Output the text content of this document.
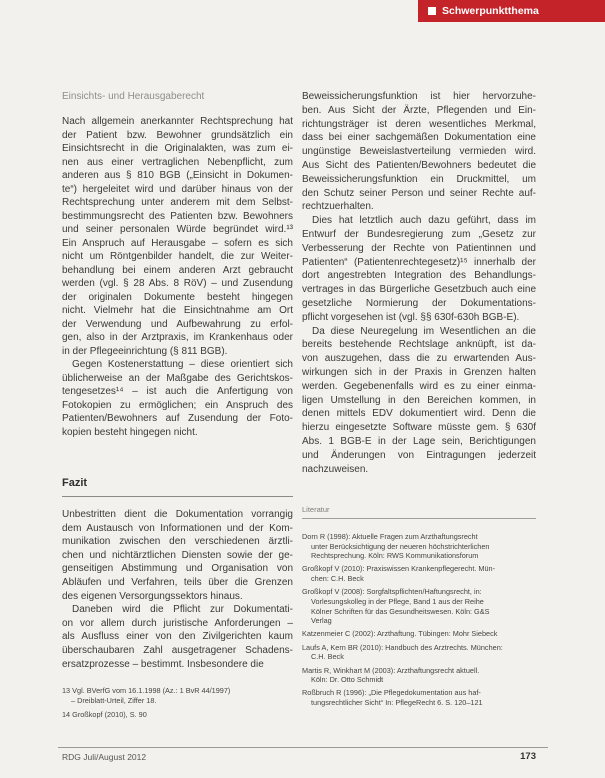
Schwerpunktthema
Einsichts- und Herausgaberecht
Nach allgemein anerkannter Rechtsprechung hat
der Patient bzw. Bewohner grundsätzlich ein
Einsichtsrecht in die Originalakten, was zum ei-
nen aus einer vertraglichen Nebenpflicht, zum
anderen aus § 810 BGB („Einsicht in Dokumen-
te“) hergeleitet wird und darüber hinaus von der
Rechtsprechung unter anderem mit dem Selbst-
bestimmungsrecht des Patienten bzw. Bewohners
und seiner personalen Würde begründet wird.¹³
Ein Anspruch auf Herausgabe – sofern es sich
nicht um Röntgenbilder handelt, die zur Weiter-
behandlung bei einem anderen Arzt gebraucht
werden (vgl. § 28 Abs. 8 RöV) – und Zusendung
der originalen Dokumente besteht hingegen
nicht. Vielmehr hat die Einsichtnahme am Ort
der Verwendung und Aufbewahrung zu erfol-
gen, also in der Arztpraxis, im Krankenhaus oder
in der Pflegeeinrichtung (§ 811 BGB).
Gegen Kostenerstattung – diese orientiert sich
üblicherweise an der Maßgabe des Gerichtskos-
tengesetzes¹⁴ – ist auch die Anfertigung von
Fotokopien zu ermöglichen; ein Anspruch des
Patienten/Bewohners auf Zusendung der Foto-
kopien besteht hingegen nicht.
Fazit
Unbestritten dient die Dokumentation vorrangig
dem Austausch von Informationen und der Kom-
munikation zwischen den verschiedenen ärztli-
chen und nichtärztlichen Diensten sowie der ge-
genseitigen Abstimmung und Organisation von
Abläufen und Verfahren, teils über die Grenzen
des eigenen Versorgungssektors hinaus.
Daneben wird die Pflicht zur Dokumentati-
on vor allem durch juristische Anforderungen –
als Ausfluss einer von den Zivilgerichten kaum
überschaubaren Zahl ausgetragener Schadens-
ersatzprozesse – bestimmt. Insbesondere die
13 Vgl. BVerfG vom 16.1.1998 (Az.: 1 BvR 44/1997)
– Dreiblatt-Urteil, Ziffer 18.
14 Großkopf (2010), S. 90
Beweissicherungsfunktion ist hier hervorzuhe-
ben. Aus Sicht der Ärzte, Pflegenden und Ein-
richtungsträger ist deren wesentliches Merkmal,
dass bei einer sachgemäßen Dokumentation eine
ungünstige Beweislastverteilung vermieden wird.
Aus Sicht des Patienten/Bewohners bedeutet die
Beweissicherungsfunktion ein Druckmittel, um
den Schutz seiner Person und seiner Rechte auf-
rechtzuerhalten.
Dies hat letztlich auch dazu geführt, dass im
Entwurf der Bundesregierung zum „Gesetz zur
Verbesserung der Rechte von Patientinnen und
Patienten“ (Patientenrechtegesetz)¹⁵ innerhalb der
dort angestrebten Integration des Behandlungs-
vertrages in das Bürgerliche Gesetzbuch auch eine
gesetzliche Normierung der Dokumentations-
pflicht vorgesehen ist (vgl. §§ 630f-630h BGB-E).
Da diese Neuregelung im Wesentlichen an die
bereits bestehende Rechtslage anknüpft, ist da-
von auszugehen, dass die zu erwartenden Aus-
wirkungen sich in der Praxis in Grenzen halten
werden. Gegebenenfalls wird es zu einer einma-
ligen Umstellung in den Bereichen kommen, in
denen mittels EDV dokumentiert wird. Denn die
hierzu eingesetzte Software müsste gem. § 630f
Abs. 1 BGB-E in der Lage sein, Berichtigungen
und Änderungen von Eintragungen jederzeit
nachzuweisen.
Literatur
Dorn R (1998): Aktuelle Fragen zum Arzthaftungsrecht
unter Berücksichtigung der neueren höchstrichterlichen
Rechtsprechung. Köln: RWS Kommunikationsforum
Großkopf V (2010): Praxiswissen Krankenpflegerecht. Mün-
chen: C.H. Beck
Großkopf V (2008): Sorgfaltspflichten/Haftungsrecht, in:
Vorlesungskolleg in der Pflege, Band 1 aus der Reihe
Kölner Schriften für das Gesundheitswesen. Köln: G&S
Verlag
Katzenmeier C (2002): Arzthaftung. Tübingen: Mohr Siebeck
Laufs A, Kern BR (2010): Handbuch des Arztrechts. München:
C.H. Beck
Martis R, Winkhart M (2003): Arzthaftungsrecht aktuell.
Köln: Dr. Otto Schmidt
Roßbruch R (1996): „Die Pflegedokumentation aus haf-
tungsrechtlicher Sicht“ In: PflegeRecht 6. S. 120–121
RDG Juli/August 2012	173
